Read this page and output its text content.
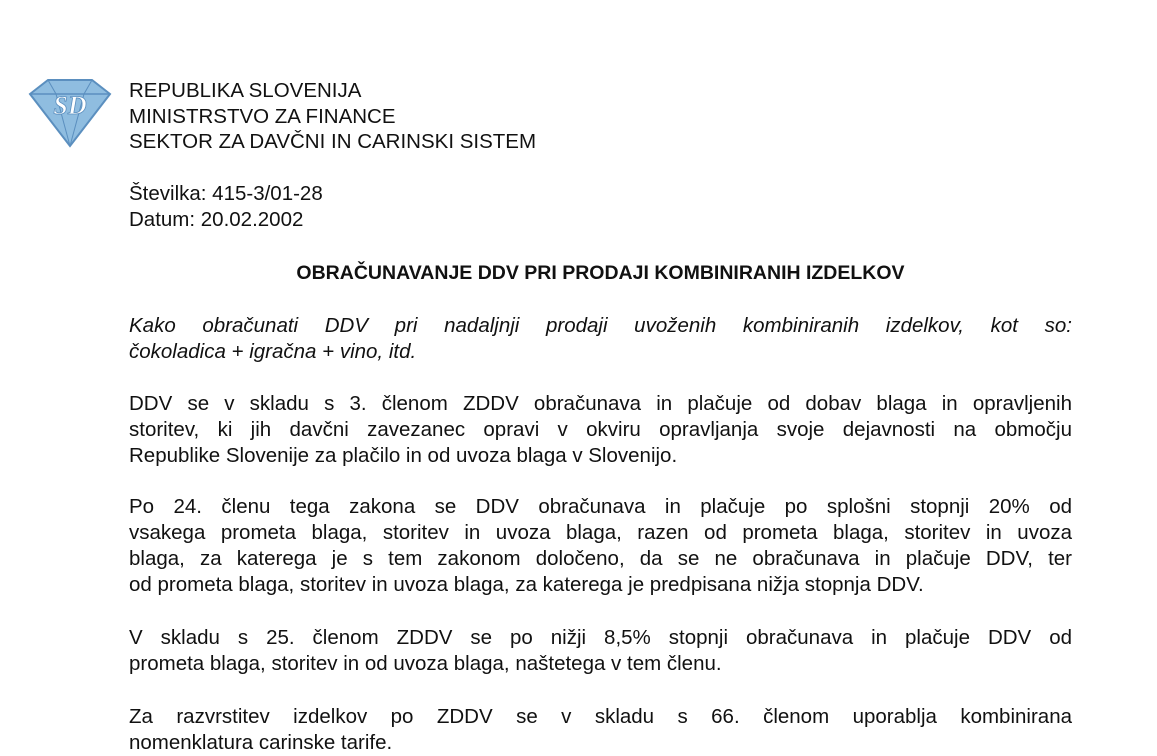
SD
REPUBLIKA SLOVENIJA
MINISTRSTVO ZA FINANCE
SEKTOR ZA DAVČNI IN CARINSKI SISTEM
Številka: 415-3/01-28
Datum: 20.02.2002
OBRAČUNAVANJE DDV PRI PRODAJI KOMBINIRANIH IZDELKOV
Kako obračunati DDV pri nadaljnji prodaji uvoženih kombiniranih izdelkov, kot so:
čokoladica + igračna + vino, itd.
DDV se v skladu s 3. členom ZDDV obračunava in plačuje od dobav blaga in opravljenih
storitev, ki jih davčni zavezanec opravi v okviru opravljanja svoje dejavnosti na območju
Republike Slovenije za plačilo in od uvoza blaga v Slovenijo.
Po 24. členu tega zakona se DDV obračunava in plačuje po splošni stopnji 20% od
vsakega prometa blaga, storitev in uvoza blaga, razen od prometa blaga, storitev in uvoza
blaga, za katerega je s tem zakonom določeno, da se ne obračunava in plačuje DDV, ter
od prometa blaga, storitev in uvoza blaga, za katerega je predpisana nižja stopnja DDV.
V skladu s 25. členom ZDDV se po nižji 8,5% stopnji obračunava in plačuje DDV od
prometa blaga, storitev in od uvoza blaga, naštetega v tem členu.
Za razvrstitev izdelkov po ZDDV se v skladu s 66. členom uporablja kombinirana
nomenklatura carinske tarife.
